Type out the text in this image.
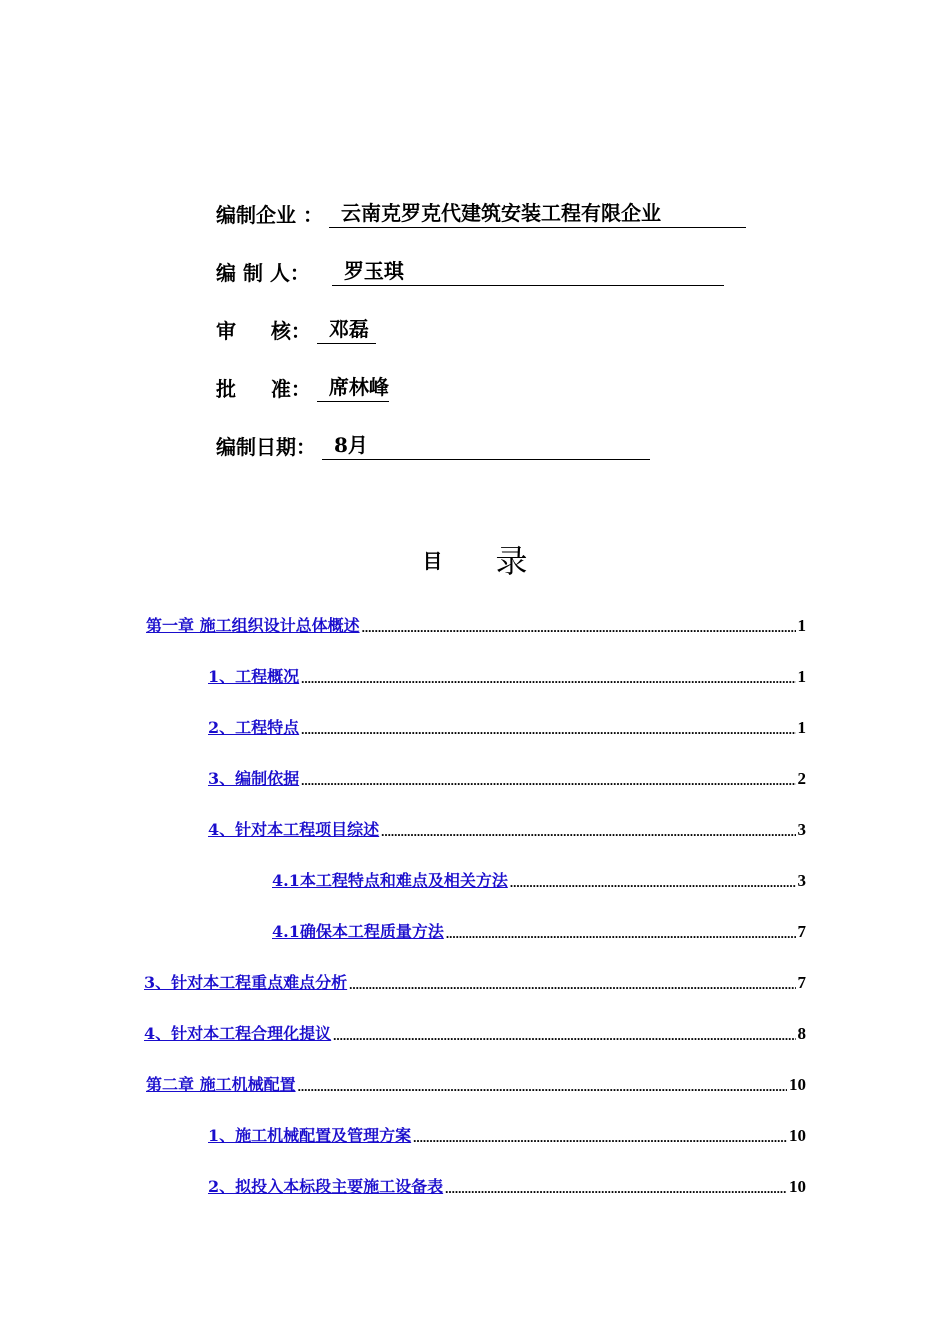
编制企业 ： 云南克罗克代建筑安装工程有限企业
编 制 人：	罗玉琪
审     核： 邓磊
批     准： 席林峰
编制日期： 8月
目 录
第一章 施工组织设计总体概述 .....	1
1、工程概况 .....	1
2、工程特点 .....	1
3、编制依据 .....	2
4、针对本工程项目综述 .....	3
4.1本工程特点和难点及相关方法 .....	3
4.1确保本工程质量方法 .....	7
3、针对本工程重点难点分析 .....	7
4、针对本工程合理化提议 .....	8
第二章 施工机械配置 .....	10
1、施工机械配置及管理方案 .....	10
2、拟投入本标段主要施工设备表 .....	10
